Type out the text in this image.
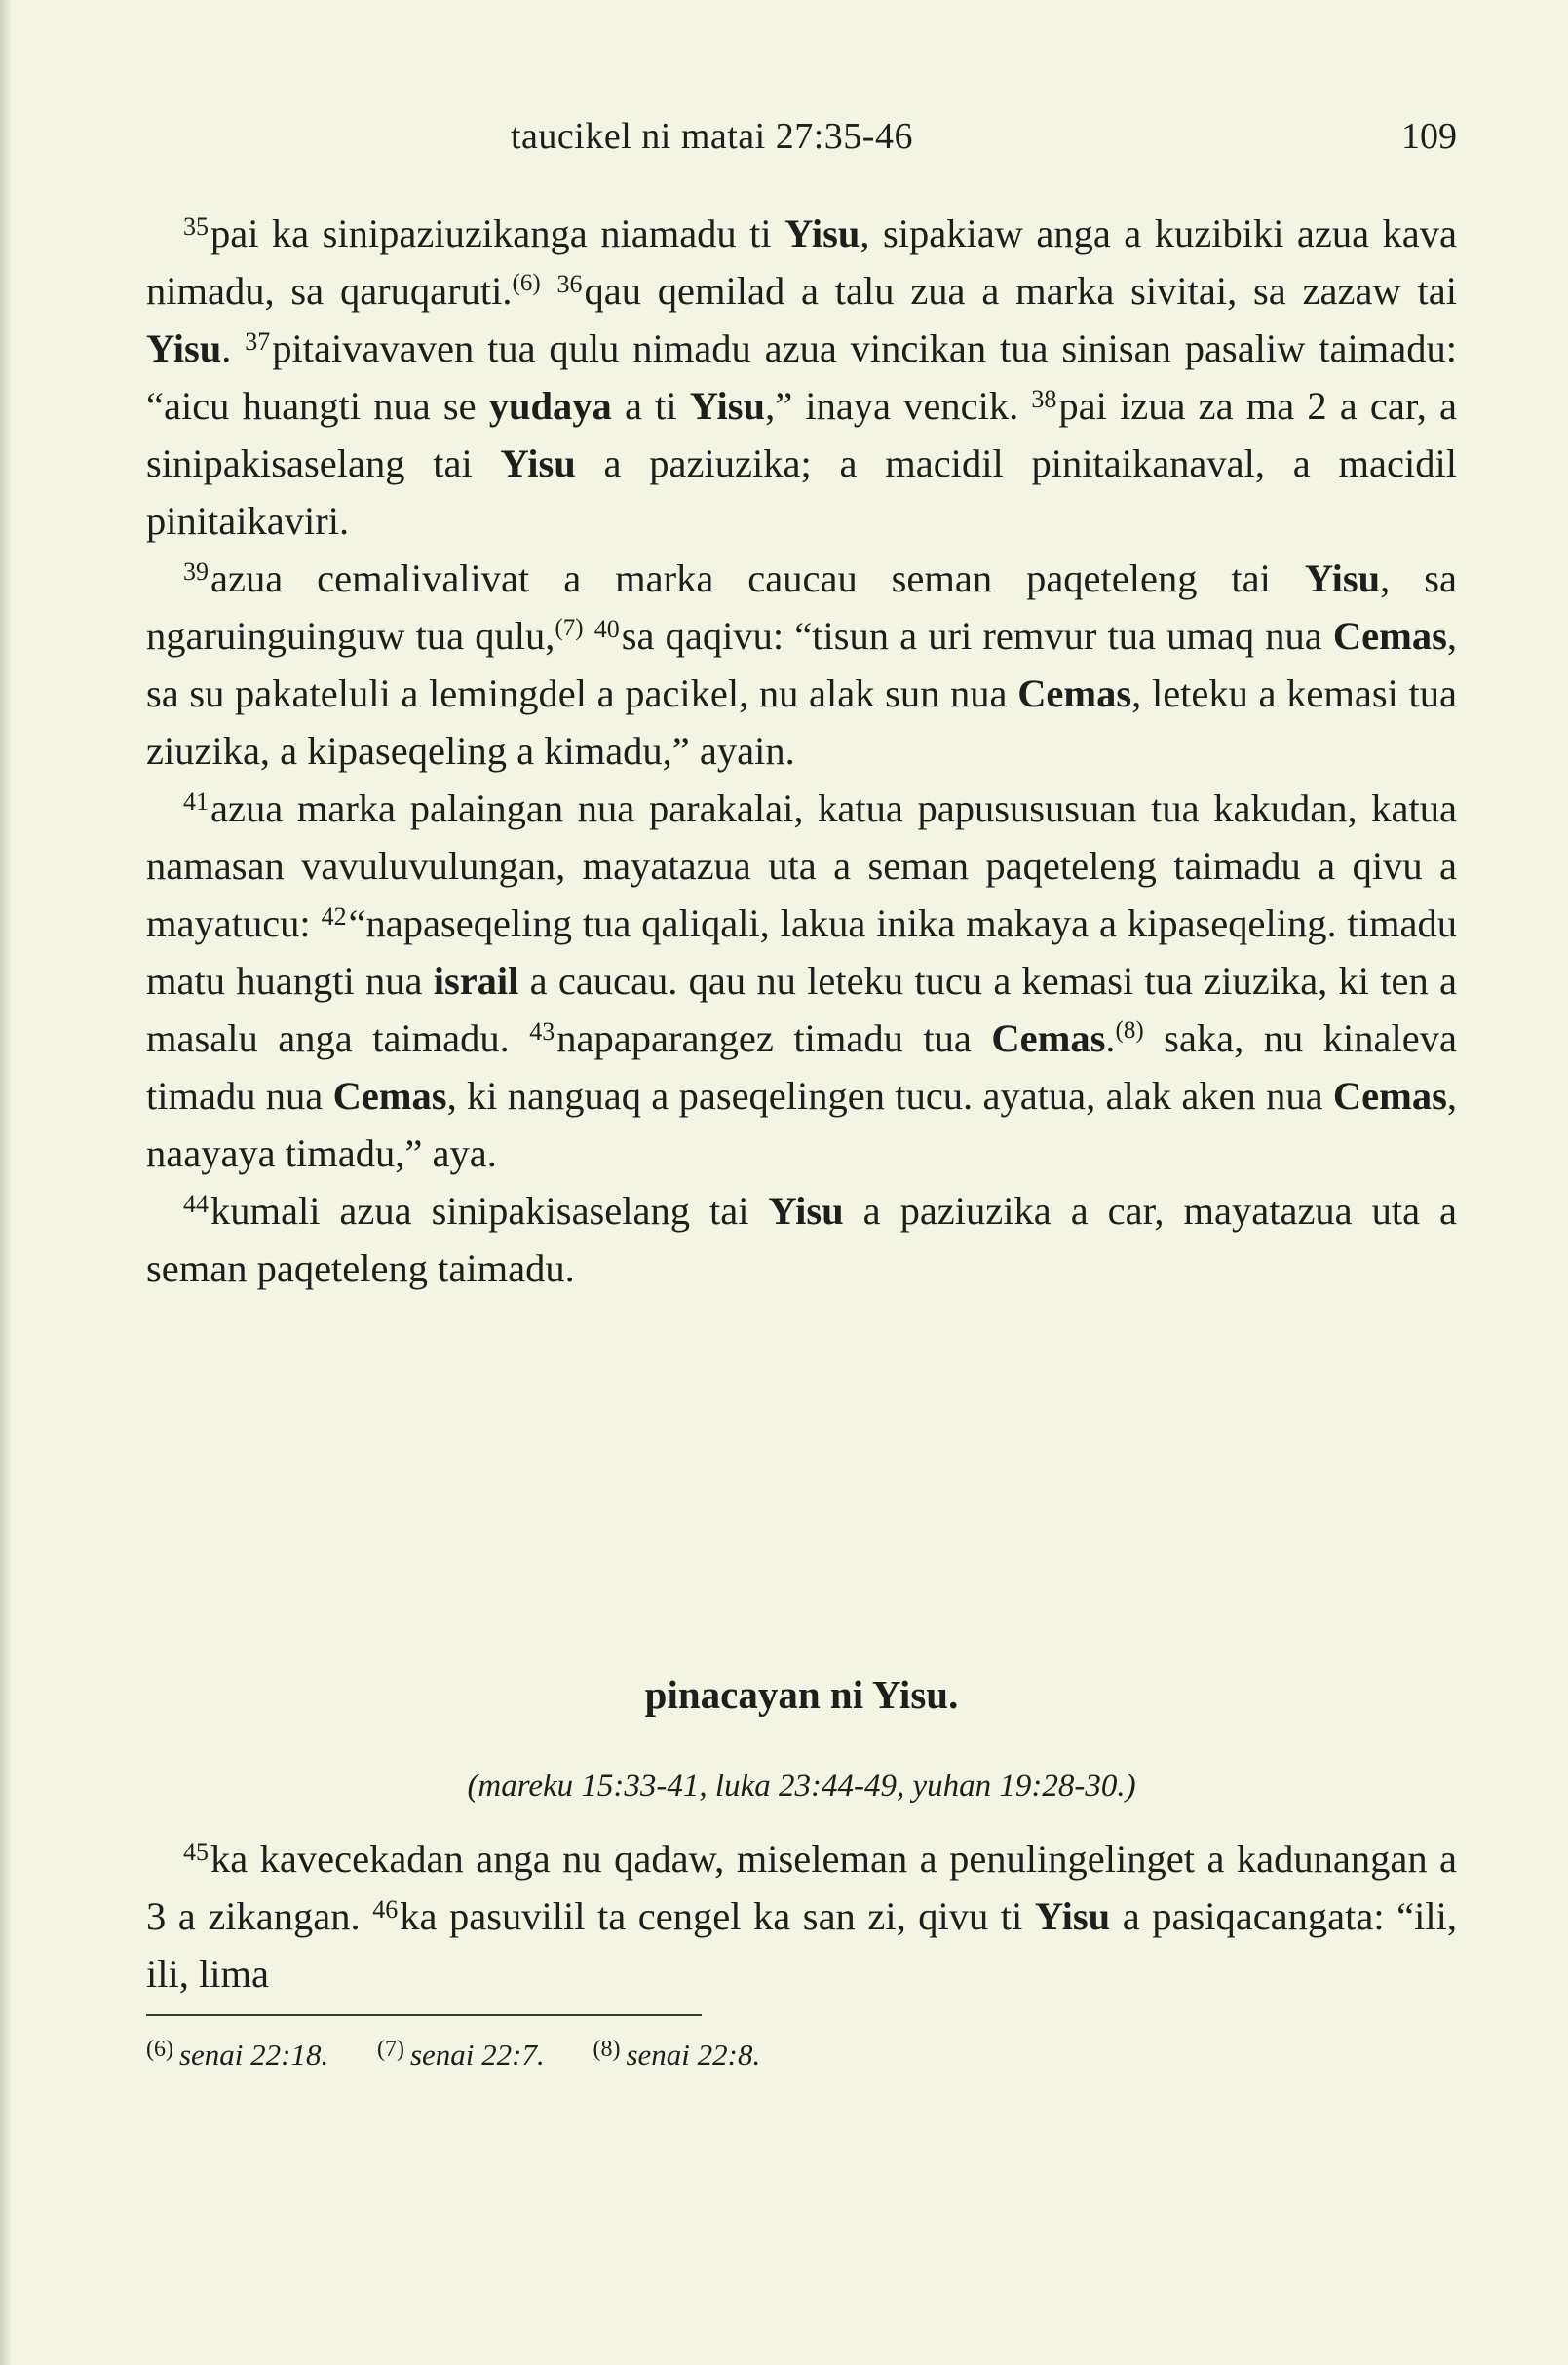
taucikel ni matai 27:35-46	109

$^{35}$pai ka sinipaziuzikanga niamadu ti Yisu, sipakiaw anga a kuzibiki azua kava nimadu, sa qaruqaruti.$^{(6)}$ $^{36}$qau qemilad a talu zua a marka sivitai, sa zazaw tai Yisu. $^{37}$pitaivavaven tua qulu nimadu azua vincikan tua sinisan pasaliw taimadu: “aicu huangti nua se yudaya a ti Yisu,” inaya vencik. $^{38}$pai izua za ma 2 a car, a sinipakisaselang tai Yisu a paziuzika; a macidil pinitaikanaval, a macidil pinitaikaviri.

$^{39}$azua cemalivalivat a marka caucau seman paqeteleng tai Yisu, sa ngaruinguinguw tua qulu,$^{(7)}$ $^{40}$sa qaqivu: “tisun a uri remvur tua umaq nua Cemas, sa su pakateluli a lemingdel a pacikel, nu alak sun nua Cemas, leteku a kemasi tua ziuzika, a kipaseqeling a kimadu,” ayain.

$^{41}$azua marka palaingan nua parakalai, katua papusususuan tua kakudan, katua namasan vavuluvulungan, mayatazua uta a seman paqeteleng taimadu a qivu a mayatucu: $^{42}$“napaseqeling tua qaliqali, lakua inika makaya a kipaseqeling. timadu matu huangti nua israil a caucau. qau nu leteku tucu a kemasi tua ziuzika, ki ten a masalu anga taimadu. $^{43}$napaparangez timadu tua Cemas.$^{(8)}$ saka, nu kinaleva timadu nua Cemas, ki nanguaq a paseqelingen tucu. ayatua, alak aken nua Cemas, naayaya timadu,” aya.

$^{44}$kumali azua sinipakisaselang tai Yisu a paziuzika a car, mayatazua uta a seman paqeteleng taimadu.

pinacayan ni Yisu.
(mareku 15:33-41, luka 23:44-49, yuhan 19:28-30.)

$^{45}$ka kavecekadan anga nu qadaw, miseleman a penulingelinget a kadunangan a 3 a zikangan. $^{46}$ka pasuvilil ta cengel ka san zi, qivu ti Yisu a pasiqacangata: “ili, ili, lima

$^{(6)}$ senai 22:18. $^{(7)}$ senai 22:7. $^{(8)}$ senai 22:8.
